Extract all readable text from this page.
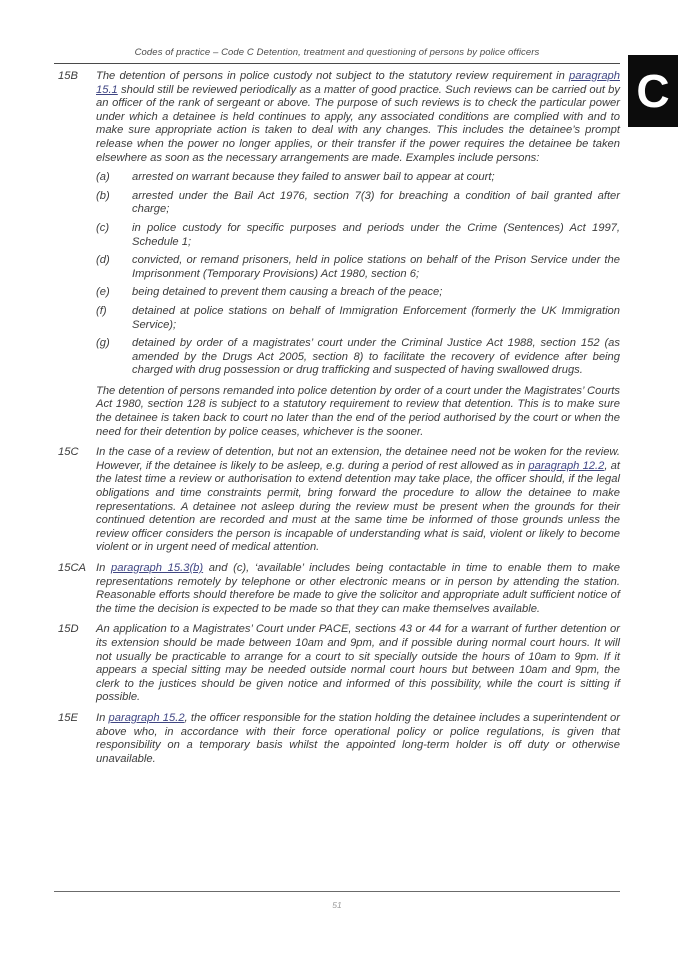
Codes of practice – Code C Detention, treatment and questioning of persons by police officers
C
15B	The detention of persons in police custody not subject to the statutory review requirement in paragraph 15.1 should still be reviewed periodically as a matter of good practice. Such reviews can be carried out by an officer of the rank of sergeant or above. The purpose of such reviews is to check the particular power under which a detainee is held continues to apply, any associated conditions are complied with and to make sure appropriate action is taken to deal with any changes. This includes the detainee’s prompt release when the power no longer applies, or their transfer if the power requires the detainee be taken elsewhere as soon as the necessary arrangements are made. Examples include persons:
(a)	arrested on warrant because they failed to answer bail to appear at court;
(b)	arrested under the Bail Act 1976, section 7(3) for breaching a condition of bail granted after charge;
(c)	in police custody for specific purposes and periods under the Crime (Sentences) Act 1997, Schedule 1;
(d)	convicted, or remand prisoners, held in police stations on behalf of the Prison Service under the Imprisonment (Temporary Provisions) Act 1980, section 6;
(e)	being detained to prevent them causing a breach of the peace;
(f)	detained at police stations on behalf of Immigration Enforcement (formerly the UK Immigration Service);
(g)	detained by order of a magistrates’ court under the Criminal Justice Act 1988, section 152 (as amended by the Drugs Act 2005, section 8) to facilitate the recovery of evidence after being charged with drug possession or drug trafficking and suspected of having swallowed drugs.
The detention of persons remanded into police detention by order of a court under the Magistrates’ Courts Act 1980, section 128 is subject to a statutory requirement to review that detention. This is to make sure the detainee is taken back to court no later than the end of the period authorised by the court or when the need for their detention by police ceases, whichever is the sooner.
15C	In the case of a review of detention, but not an extension, the detainee need not be woken for the review. However, if the detainee is likely to be asleep, e.g. during a period of rest allowed as in paragraph 12.2, at the latest time a review or authorisation to extend detention may take place, the officer should, if the legal obligations and time constraints permit, bring forward the procedure to allow the detainee to make representations. A detainee not asleep during the review must be present when the grounds for their continued detention are recorded and must at the same time be informed of those grounds unless the review officer considers the person is incapable of understanding what is said, violent or likely to become violent or in urgent need of medical attention.
15CA In paragraph 15.3(b) and (c), ‘available’ includes being contactable in time to enable them to make representations remotely by telephone or other electronic means or in person by attending the station. Reasonable efforts should therefore be made to give the solicitor and appropriate adult sufficient notice of the time the decision is expected to be made so that they can make themselves available.
15D	An application to a Magistrates’ Court under PACE, sections 43 or 44 for a warrant of further detention or its extension should be made between 10am and 9pm, and if possible during normal court hours. It will not usually be practicable to arrange for a court to sit specially outside the hours of 10am to 9pm. If it appears a special sitting may be needed outside normal court hours but between 10am and 9pm, the clerk to the justices should be given notice and informed of this possibility, while the court is sitting if possible.
15E	In paragraph 15.2, the officer responsible for the station holding the detainee includes a superintendent or above who, in accordance with their force operational policy or police regulations, is given that responsibility on a temporary basis whilst the appointed long-term holder is off duty or otherwise unavailable.
51
